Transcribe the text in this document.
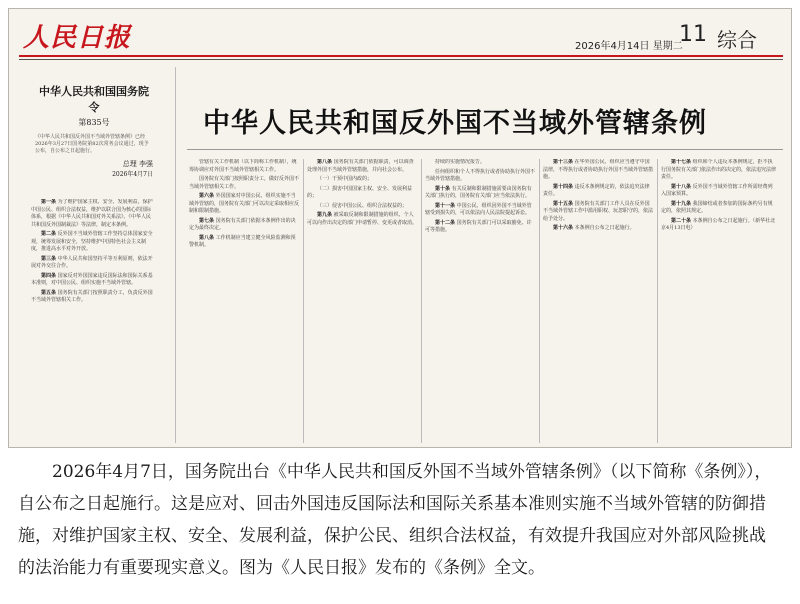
人民日报	2026年4月14日 星期二
11 综合
中华人民共和国国务院令
第835号
《中华人民共和国反外国不当域外管辖条例》已经2026年3月27日国务院第82次常务会议通过，现予公布，自公布之日起施行。
总理 李强
2026年4月7日

第一条 为了维护国家主权、安全、发展利益，保护中国公民、组织合法权益，维护以联合国为核心的国际体系，根据《中华人民共和国对外关系法》、《中华人民共和国反外国制裁法》等法律，制定本条例。

第二条 反外国不当域外管辖工作坚持总体国家安全观，统筹发展和安全，坚持维护中国特色社会主义制度，推进高水平对外开放。

第三条 中华人民共和国坚持平等互利原则，依法开展对外交往合作。

第四条 国家反对外国国家违反国际法和国际关系基本准则，对中国公民、组织实施不当域外管辖。

第五条 国务院有关部门按照职责分工，负责反外国不当域外管辖相关工作。

中华人民共和国反外国不当域外管辖条例

管辖有关工作机制（以下简称工作机制），统筹协调应对外国不当域外管辖相关工作。

国务院有关部门按照职责分工，做好反外国不当域外管辖相关工作。

第六条 外国国家对中国公民、组织实施不当域外管辖的，国务院有关部门可以决定采取相应反制和限制措施。

第七条 国务院有关部门依据本条例作出的决定为最终决定。

第八条 工作机制应当建立健全风险监测和预警机制。

第八条 国务院有关部门依据职责，可以调查处理外国不当域外管辖措施，并向社会公布。

（一）干预中国内政的；

（二）损害中国国家主权、安全、发展利益的；

（三）侵害中国公民、组织合法权益的；

第九条 被采取反制和限制措施的组织、个人可以向作出决定的部门申请暂停、变更或者取消。

持续的实施情况报告。

任何组织和个人不得执行或者协助执行外国不当域外管辖措施。

第十条 有关反制和限制措施需要由国务院有关部门执行的，国务院有关部门应当依法执行。

第十一条 中国公民、组织因外国不当域外管辖受到损失的，可以依法向人民法院提起诉讼。

第十二条 国务院有关部门可以采取豁免、许可等措施。

第十三条 在华外国公民、组织应当遵守中国法律，不得执行或者协助执行外国不当域外管辖措施。

第十四条 违反本条例规定的，依法追究法律责任。

第十五条 国务院有关部门工作人员在反外国不当域外管辖工作中滥用职权、玩忽职守的，依法给予处分。

第十六条 本条例自公布之日起施行。

第十七条 组织和个人违反本条例规定，拒不执行国务院有关部门依法作出的决定的，依法追究法律责任。

第十八条 反外国不当域外管辖工作所需经费列入国家预算。

第十九条 我国缔结或者参加的国际条约另有规定的，依照其规定。

第二十条 本条例自公布之日起施行。（新华社北京4月13日电）

2026年4月7日，国务院出台《中华人民共和国反外国不当域外管辖条例》（以下简称《条例》），自公布之日起施行。这是应对、回击外国违反国际法和国际关系基本准则实施不当域外管辖的防御措施，对维护国家主权、安全、发展利益，保护公民、组织合法权益，有效提升我国应对外部风险挑战的法治能力有重要现实意义。图为《人民日报》发布的《条例》全文。
